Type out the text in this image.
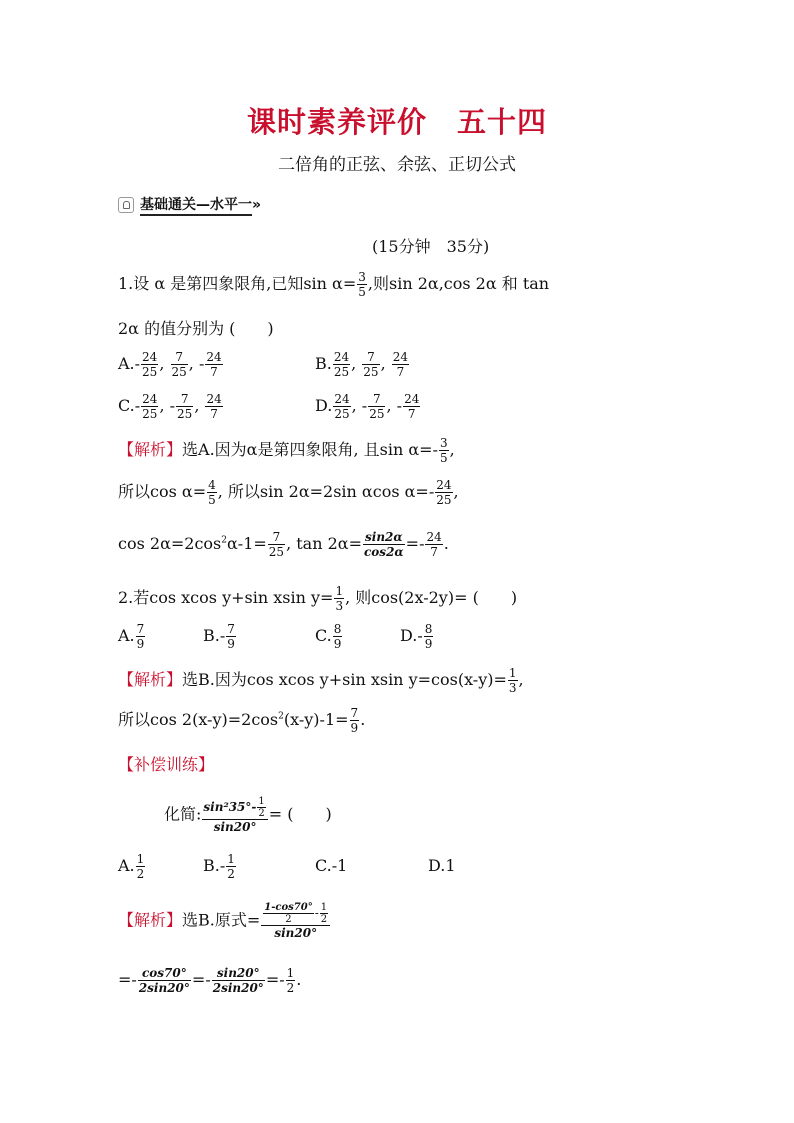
课时素养评价　五十四
二倍角的正弦、余弦、正切公式
基础通关—水平一»
(15分钟　35分)
1.设 α 是第四象限角,已知$\sin \alpha= \frac{3}{5}$ ,则sin 2α,cos 2α 和 tan
2α 的值分别为 (　　)
$A.- \frac{24}{25}$ , $\frac{7}{25}$ , - $\frac{24}{7}$	B. $\frac{24}{25}$ , $\frac{7}{25}$ , $\frac{24}{7}$
$C.- \frac{24}{25}$ , - $\frac{7}{25}$ , $\frac{24}{7}$	D. $\frac{24}{25}$ , - $\frac{7}{25}$ , - $\frac{24}{7}$
【解析】选A.因为α是第四象限角, 且$\sin \alpha=- \frac{3}{5}$ ,
所以$\cos \alpha= \frac{4}{5}$ , 所以sin 2α=2sin αcos $\alpha=- \frac{24}{25}$ ,
$\cos 2\alpha=2\cos^2\alpha-1= \frac{7}{25}$ , $\tan 2\alpha= \frac{\sin 2\alpha}{\cos 2\alpha} =- \frac{24}{7}$ .
2.若cos xcos y+sin xsin $y= \frac{1}{3}$ , 则cos(2x-2y)= (　　)
A. $\frac{7}{9}$	$B.- \frac{7}{9}$	C. $\frac{8}{9}$	$D.- \frac{8}{9}$
【解析】选B.因为cos xcos y+sin xsin $y=\cos(x-y)= \frac{1}{3}$ ,
所以$\cos 2(x-y)=2\cos^2(x-y)-1= \frac{7}{9}$ .
【补偿训练】
化简: $\frac{\sin^235^\circ- \frac{1}{2}}{\sin 20^\circ}$ = (　　)
A. $\frac{1}{2}$	$B.- \frac{1}{2}$	C.-1	D.1
【解析】选B.原式= $\frac{\frac{1-\cos 70^\circ}{2} - \frac{1}{2}}{\sin 20^\circ}$
=- $\frac{\cos 70^\circ}{2\sin 20^\circ} =- \frac{\sin 20^\circ}{2\sin 20^\circ} =- \frac{1}{2}$ .
